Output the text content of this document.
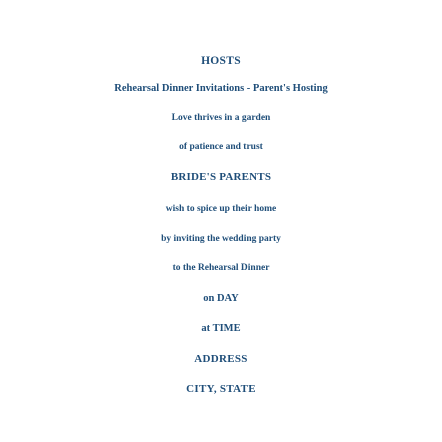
HOSTS
Rehearsal Dinner Invitations - Parent's Hosting
Love thrives in a garden
of patience and trust
BRIDE'S PARENTS
wish to spice up their home
by inviting the wedding party
to the Rehearsal Dinner
on DAY
at TIME
ADDRESS
CITY, STATE
